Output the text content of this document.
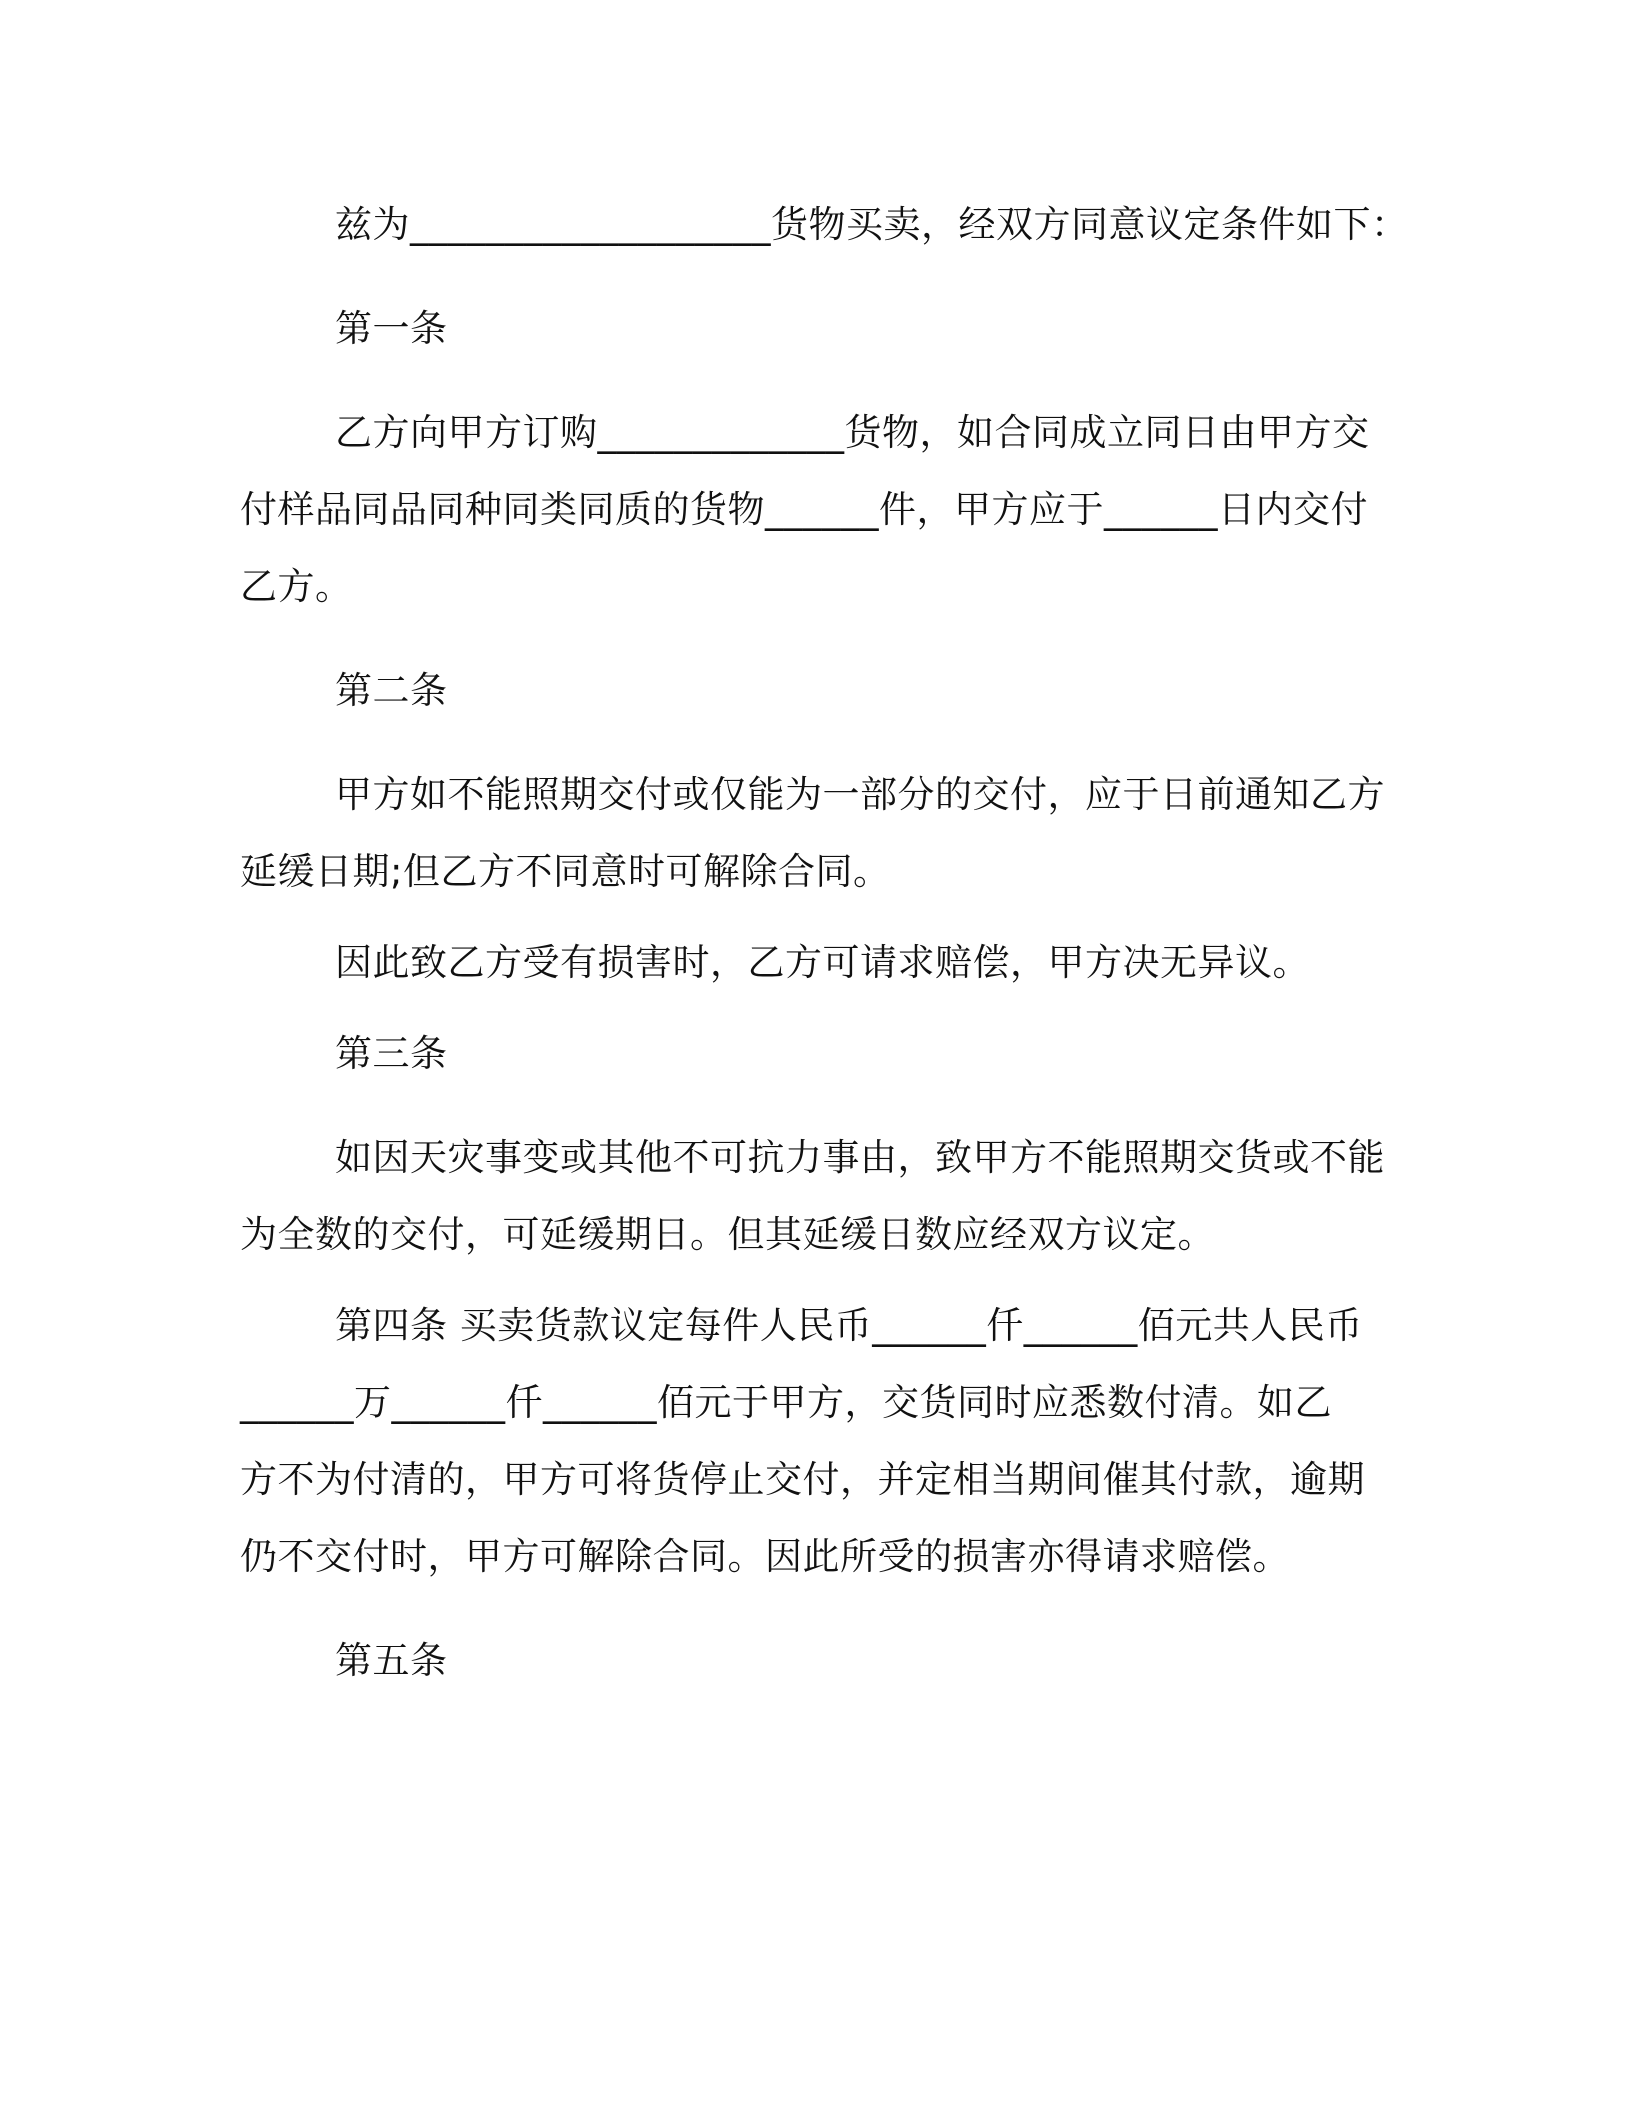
兹为___________________货物买卖，经双方同意议定条件如下：
第一条
乙方向甲方订购_____________货物，如合同成立同日由甲方交
付样品同品同种同类同质的货物______件，甲方应于______日内交付
乙方。
第二条
甲方如不能照期交付或仅能为一部分的交付，应于日前通知乙方
延缓日期;但乙方不同意时可解除合同。
因此致乙方受有损害时，乙方可请求赔偿，甲方决无异议。
第三条
如因天灾事变或其他不可抗力事由，致甲方不能照期交货或不能
为全数的交付，可延缓期日。但其延缓日数应经双方议定。
第四条 买卖货款议定每件人民币______仟______佰元共人民币
______万______仟______佰元于甲方，交货同时应悉数付清。如乙
方不为付清的，甲方可将货停止交付，并定相当期间催其付款，逾期
仍不交付时，甲方可解除合同。因此所受的损害亦得请求赔偿。
第五条
